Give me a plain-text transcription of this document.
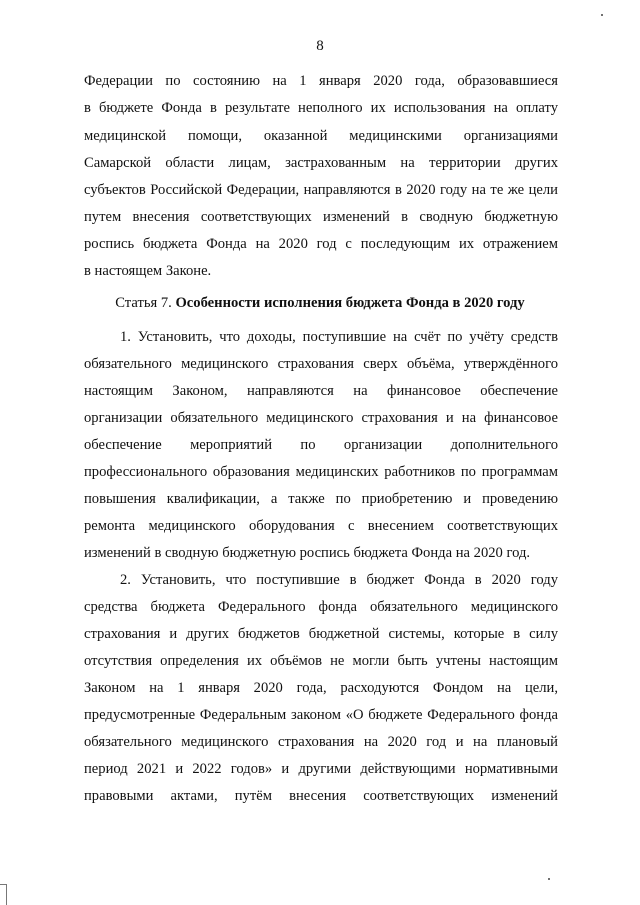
8
Федерации по состоянию на 1 января 2020 года, образовавшиеся
в бюджете Фонда в результате неполного их использования на оплату
медицинской помощи, оказанной медицинскими организациями
Самарской области лицам, застрахованным на территории других
субъектов Российской Федерации, направляются в 2020 году на те же цели
путем внесения соответствующих изменений в сводную бюджетную
роспись бюджета Фонда на 2020 год с последующим их отражением
в настоящем Законе.
Статья 7. Особенности исполнения бюджета Фонда в 2020 году
1. Установить, что доходы, поступившие на счёт по учёту средств
обязательного медицинского страхования сверх объёма, утверждённого
настоящим Законом, направляются на финансовое обеспечение
организации обязательного медицинского страхования и на финансовое
обеспечение мероприятий по организации дополнительного
профессионального образования медицинских работников по программам
повышения квалификации, а также по приобретению и проведению
ремонта медицинского оборудования с внесением соответствующих
изменений в сводную бюджетную роспись бюджета Фонда на 2020 год.
2. Установить, что поступившие в бюджет Фонда в 2020 году
средства бюджета Федерального фонда обязательного медицинского
страхования и других бюджетов бюджетной системы, которые в силу
отсутствия определения их объёмов не могли быть учтены настоящим
Законом на 1 января 2020 года, расходуются Фондом на цели,
предусмотренные Федеральным законом «О бюджете Федерального фонда
обязательного медицинского страхования на 2020 год и на плановый
период 2021 и 2022 годов» и другими действующими нормативными
правовыми актами, путём внесения соответствующих изменений
